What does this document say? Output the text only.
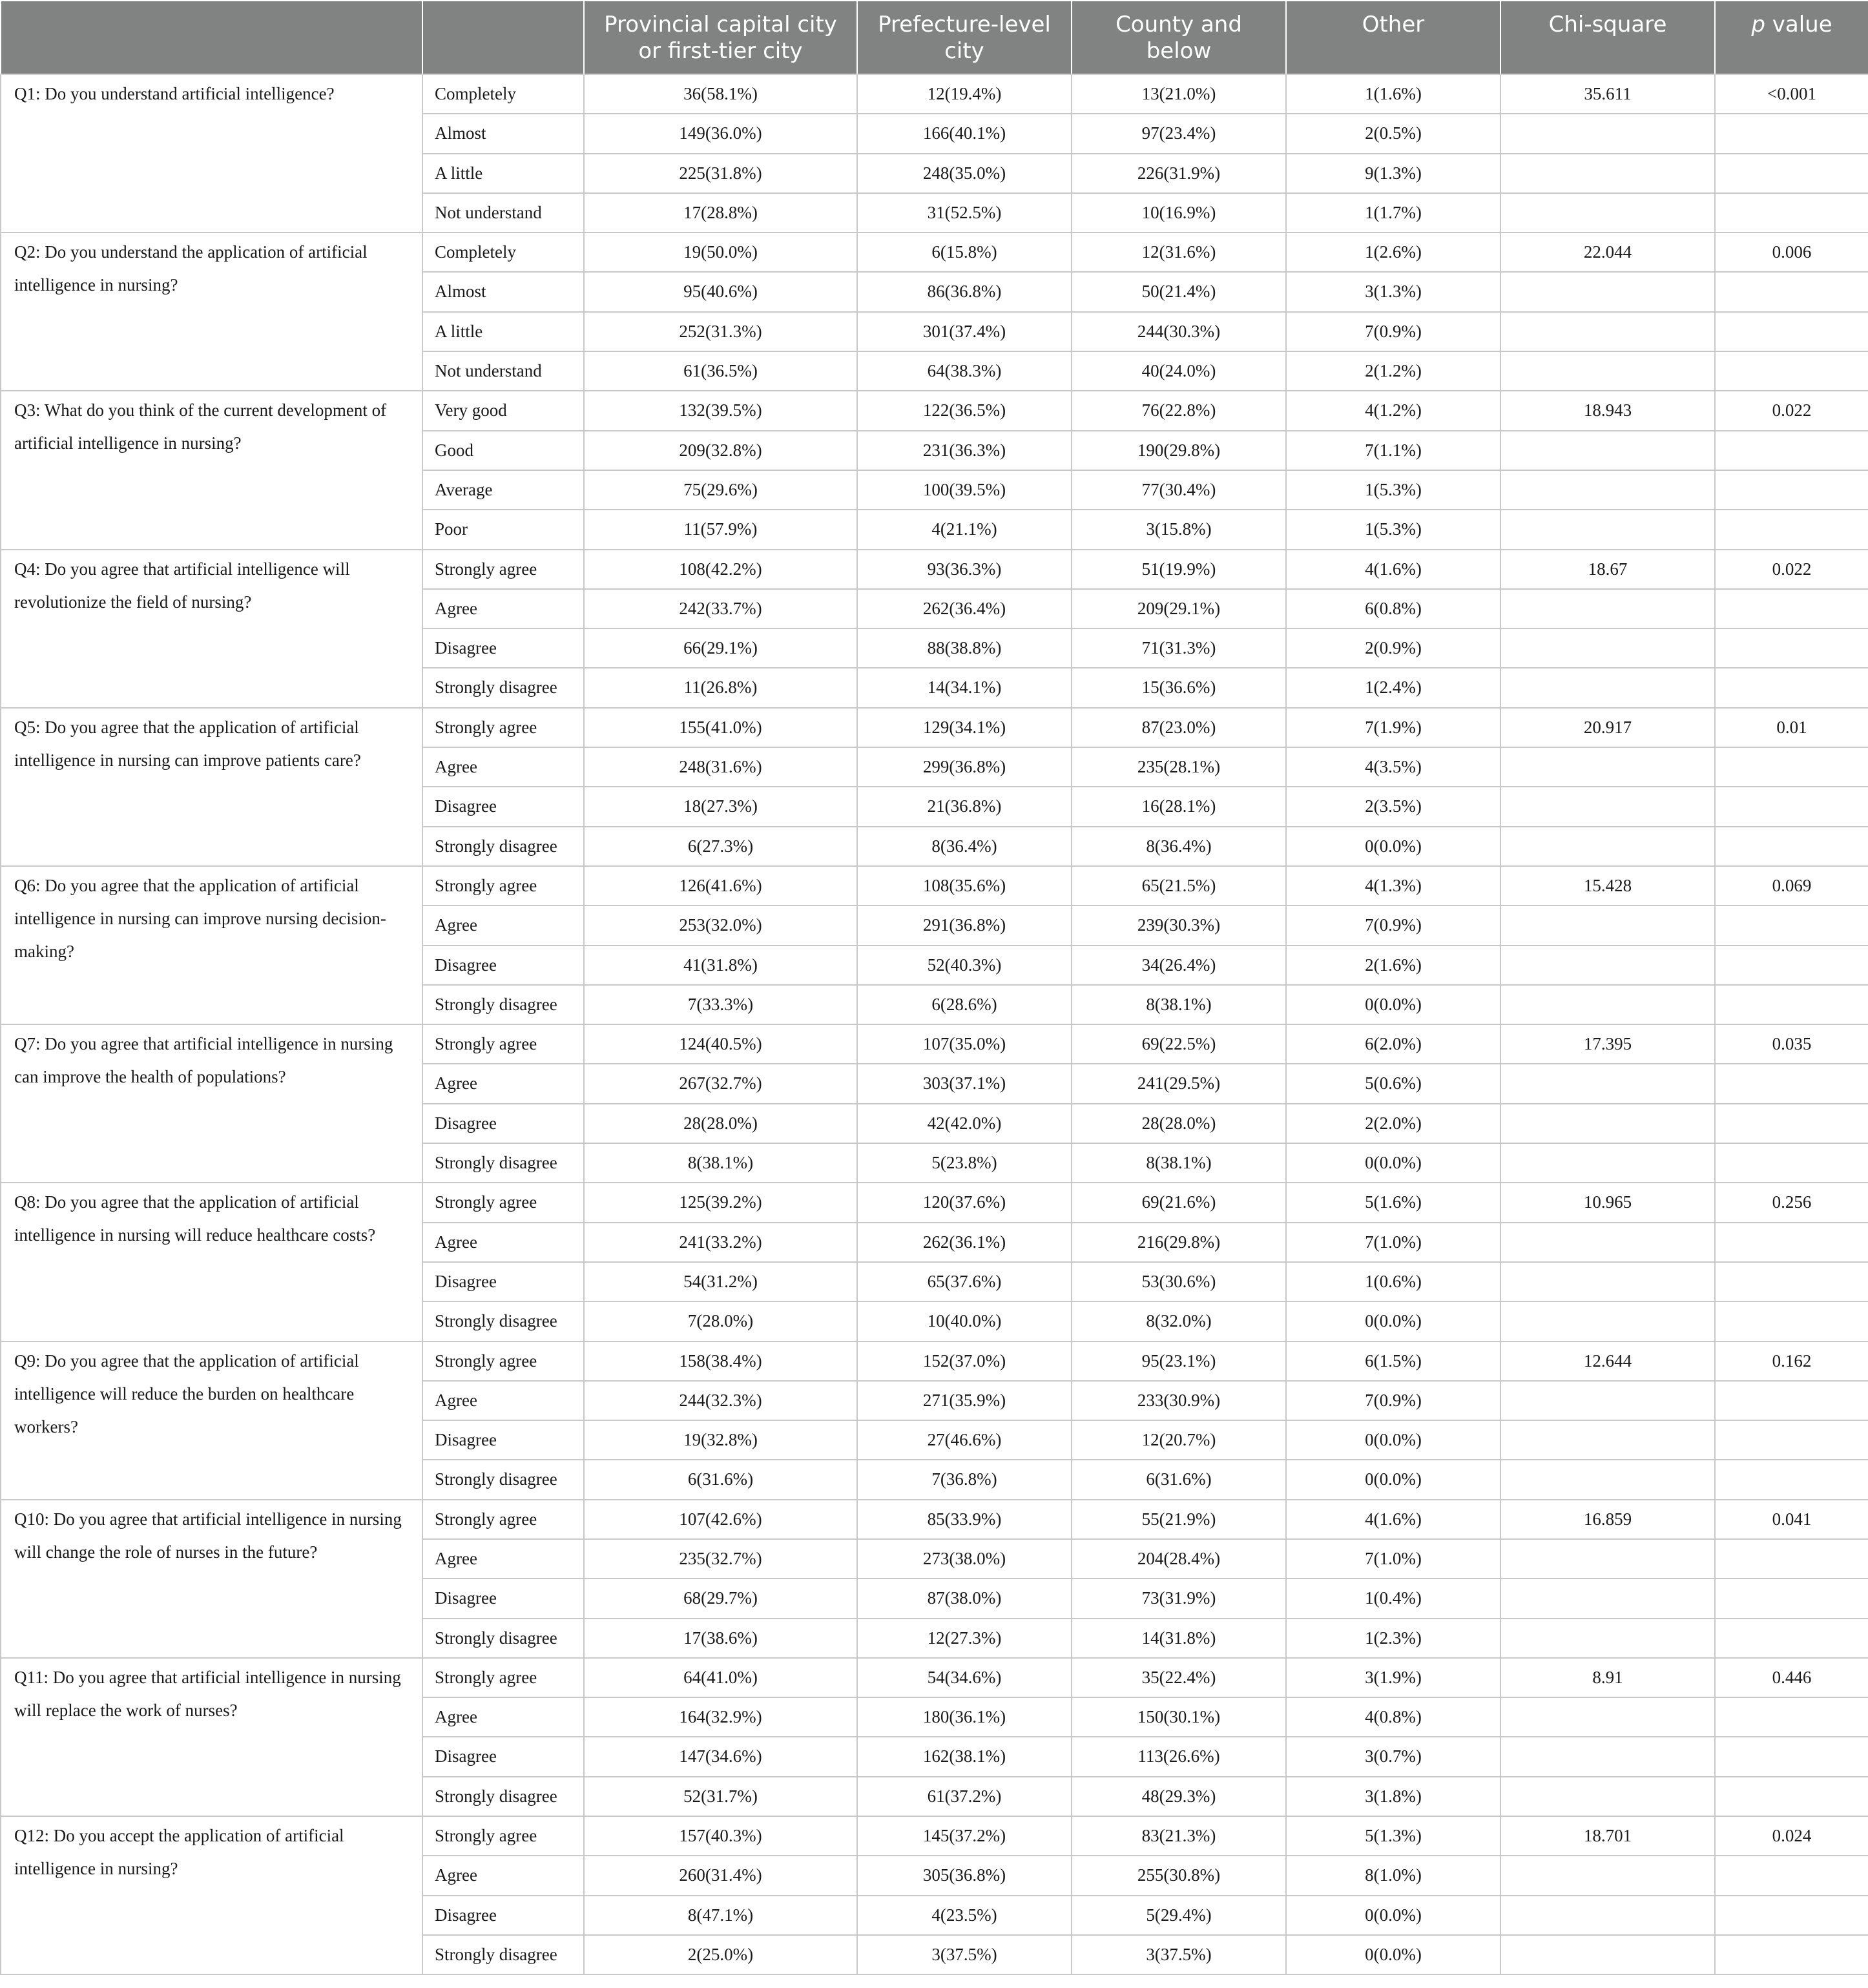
		Provincial capital city or first-tier city	Prefecture-level city	County and below	Other	Chi-square	p value
Q1: Do you understand artificial intelligence?	Completely	36(58.1%)	12(19.4%)	13(21.0%)	1(1.6%)	35.611	<0.001
	Almost	149(36.0%)	166(40.1%)	97(23.4%)	2(0.5%)		
	A little	225(31.8%)	248(35.0%)	226(31.9%)	9(1.3%)		
	Not understand	17(28.8%)	31(52.5%)	10(16.9%)	1(1.7%)		
Q2: Do you understand the application of artificial intelligence in nursing?	Completely	19(50.0%)	6(15.8%)	12(31.6%)	1(2.6%)	22.044	0.006
	Almost	95(40.6%)	86(36.8%)	50(21.4%)	3(1.3%)		
	A little	252(31.3%)	301(37.4%)	244(30.3%)	7(0.9%)		
	Not understand	61(36.5%)	64(38.3%)	40(24.0%)	2(1.2%)		
Q3: What do you think of the current development of artificial intelligence in nursing?	Very good	132(39.5%)	122(36.5%)	76(22.8%)	4(1.2%)	18.943	0.022
	Good	209(32.8%)	231(36.3%)	190(29.8%)	7(1.1%)		
	Average	75(29.6%)	100(39.5%)	77(30.4%)	1(5.3%)		
	Poor	11(57.9%)	4(21.1%)	3(15.8%)	1(5.3%)		
Q4: Do you agree that artificial intelligence will revolutionize the field of nursing?	Strongly agree	108(42.2%)	93(36.3%)	51(19.9%)	4(1.6%)	18.67	0.022
	Agree	242(33.7%)	262(36.4%)	209(29.1%)	6(0.8%)		
	Disagree	66(29.1%)	88(38.8%)	71(31.3%)	2(0.9%)		
	Strongly disagree	11(26.8%)	14(34.1%)	15(36.6%)	1(2.4%)		
Q5: Do you agree that the application of artificial intelligence in nursing can improve patients care?	Strongly agree	155(41.0%)	129(34.1%)	87(23.0%)	7(1.9%)	20.917	0.01
	Agree	248(31.6%)	299(36.8%)	235(28.1%)	4(3.5%)		
	Disagree	18(27.3%)	21(36.8%)	16(28.1%)	2(3.5%)		
	Strongly disagree	6(27.3%)	8(36.4%)	8(36.4%)	0(0.0%)		
Q6: Do you agree that the application of artificial intelligence in nursing can improve nursing decision-making?	Strongly agree	126(41.6%)	108(35.6%)	65(21.5%)	4(1.3%)	15.428	0.069
	Agree	253(32.0%)	291(36.8%)	239(30.3%)	7(0.9%)		
	Disagree	41(31.8%)	52(40.3%)	34(26.4%)	2(1.6%)		
	Strongly disagree	7(33.3%)	6(28.6%)	8(38.1%)	0(0.0%)		
Q7: Do you agree that artificial intelligence in nursing can improve the health of populations?	Strongly agree	124(40.5%)	107(35.0%)	69(22.5%)	6(2.0%)	17.395	0.035
	Agree	267(32.7%)	303(37.1%)	241(29.5%)	5(0.6%)		
	Disagree	28(28.0%)	42(42.0%)	28(28.0%)	2(2.0%)		
	Strongly disagree	8(38.1%)	5(23.8%)	8(38.1%)	0(0.0%)		
Q8: Do you agree that the application of artificial intelligence in nursing will reduce healthcare costs?	Strongly agree	125(39.2%)	120(37.6%)	69(21.6%)	5(1.6%)	10.965	0.256
	Agree	241(33.2%)	262(36.1%)	216(29.8%)	7(1.0%)		
	Disagree	54(31.2%)	65(37.6%)	53(30.6%)	1(0.6%)		
	Strongly disagree	7(28.0%)	10(40.0%)	8(32.0%)	0(0.0%)		
Q9: Do you agree that the application of artificial intelligence will reduce the burden on healthcare workers?	Strongly agree	158(38.4%)	152(37.0%)	95(23.1%)	6(1.5%)	12.644	0.162
	Agree	244(32.3%)	271(35.9%)	233(30.9%)	7(0.9%)		
	Disagree	19(32.8%)	27(46.6%)	12(20.7%)	0(0.0%)		
	Strongly disagree	6(31.6%)	7(36.8%)	6(31.6%)	0(0.0%)		
Q10: Do you agree that artificial intelligence in nursing will change the role of nurses in the future?	Strongly agree	107(42.6%)	85(33.9%)	55(21.9%)	4(1.6%)	16.859	0.041
	Agree	235(32.7%)	273(38.0%)	204(28.4%)	7(1.0%)		
	Disagree	68(29.7%)	87(38.0%)	73(31.9%)	1(0.4%)		
	Strongly disagree	17(38.6%)	12(27.3%)	14(31.8%)	1(2.3%)		
Q11: Do you agree that artificial intelligence in nursing will replace the work of nurses?	Strongly agree	64(41.0%)	54(34.6%)	35(22.4%)	3(1.9%)	8.91	0.446
	Agree	164(32.9%)	180(36.1%)	150(30.1%)	4(0.8%)		
	Disagree	147(34.6%)	162(38.1%)	113(26.6%)	3(0.7%)		
	Strongly disagree	52(31.7%)	61(37.2%)	48(29.3%)	3(1.8%)		
Q12: Do you accept the application of artificial intelligence in nursing?	Strongly agree	157(40.3%)	145(37.2%)	83(21.3%)	5(1.3%)	18.701	0.024
	Agree	260(31.4%)	305(36.8%)	255(30.8%)	8(1.0%)		
	Disagree	8(47.1%)	4(23.5%)	5(29.4%)	0(0.0%)		
	Strongly disagree	2(25.0%)	3(37.5%)	3(37.5%)	0(0.0%)		
